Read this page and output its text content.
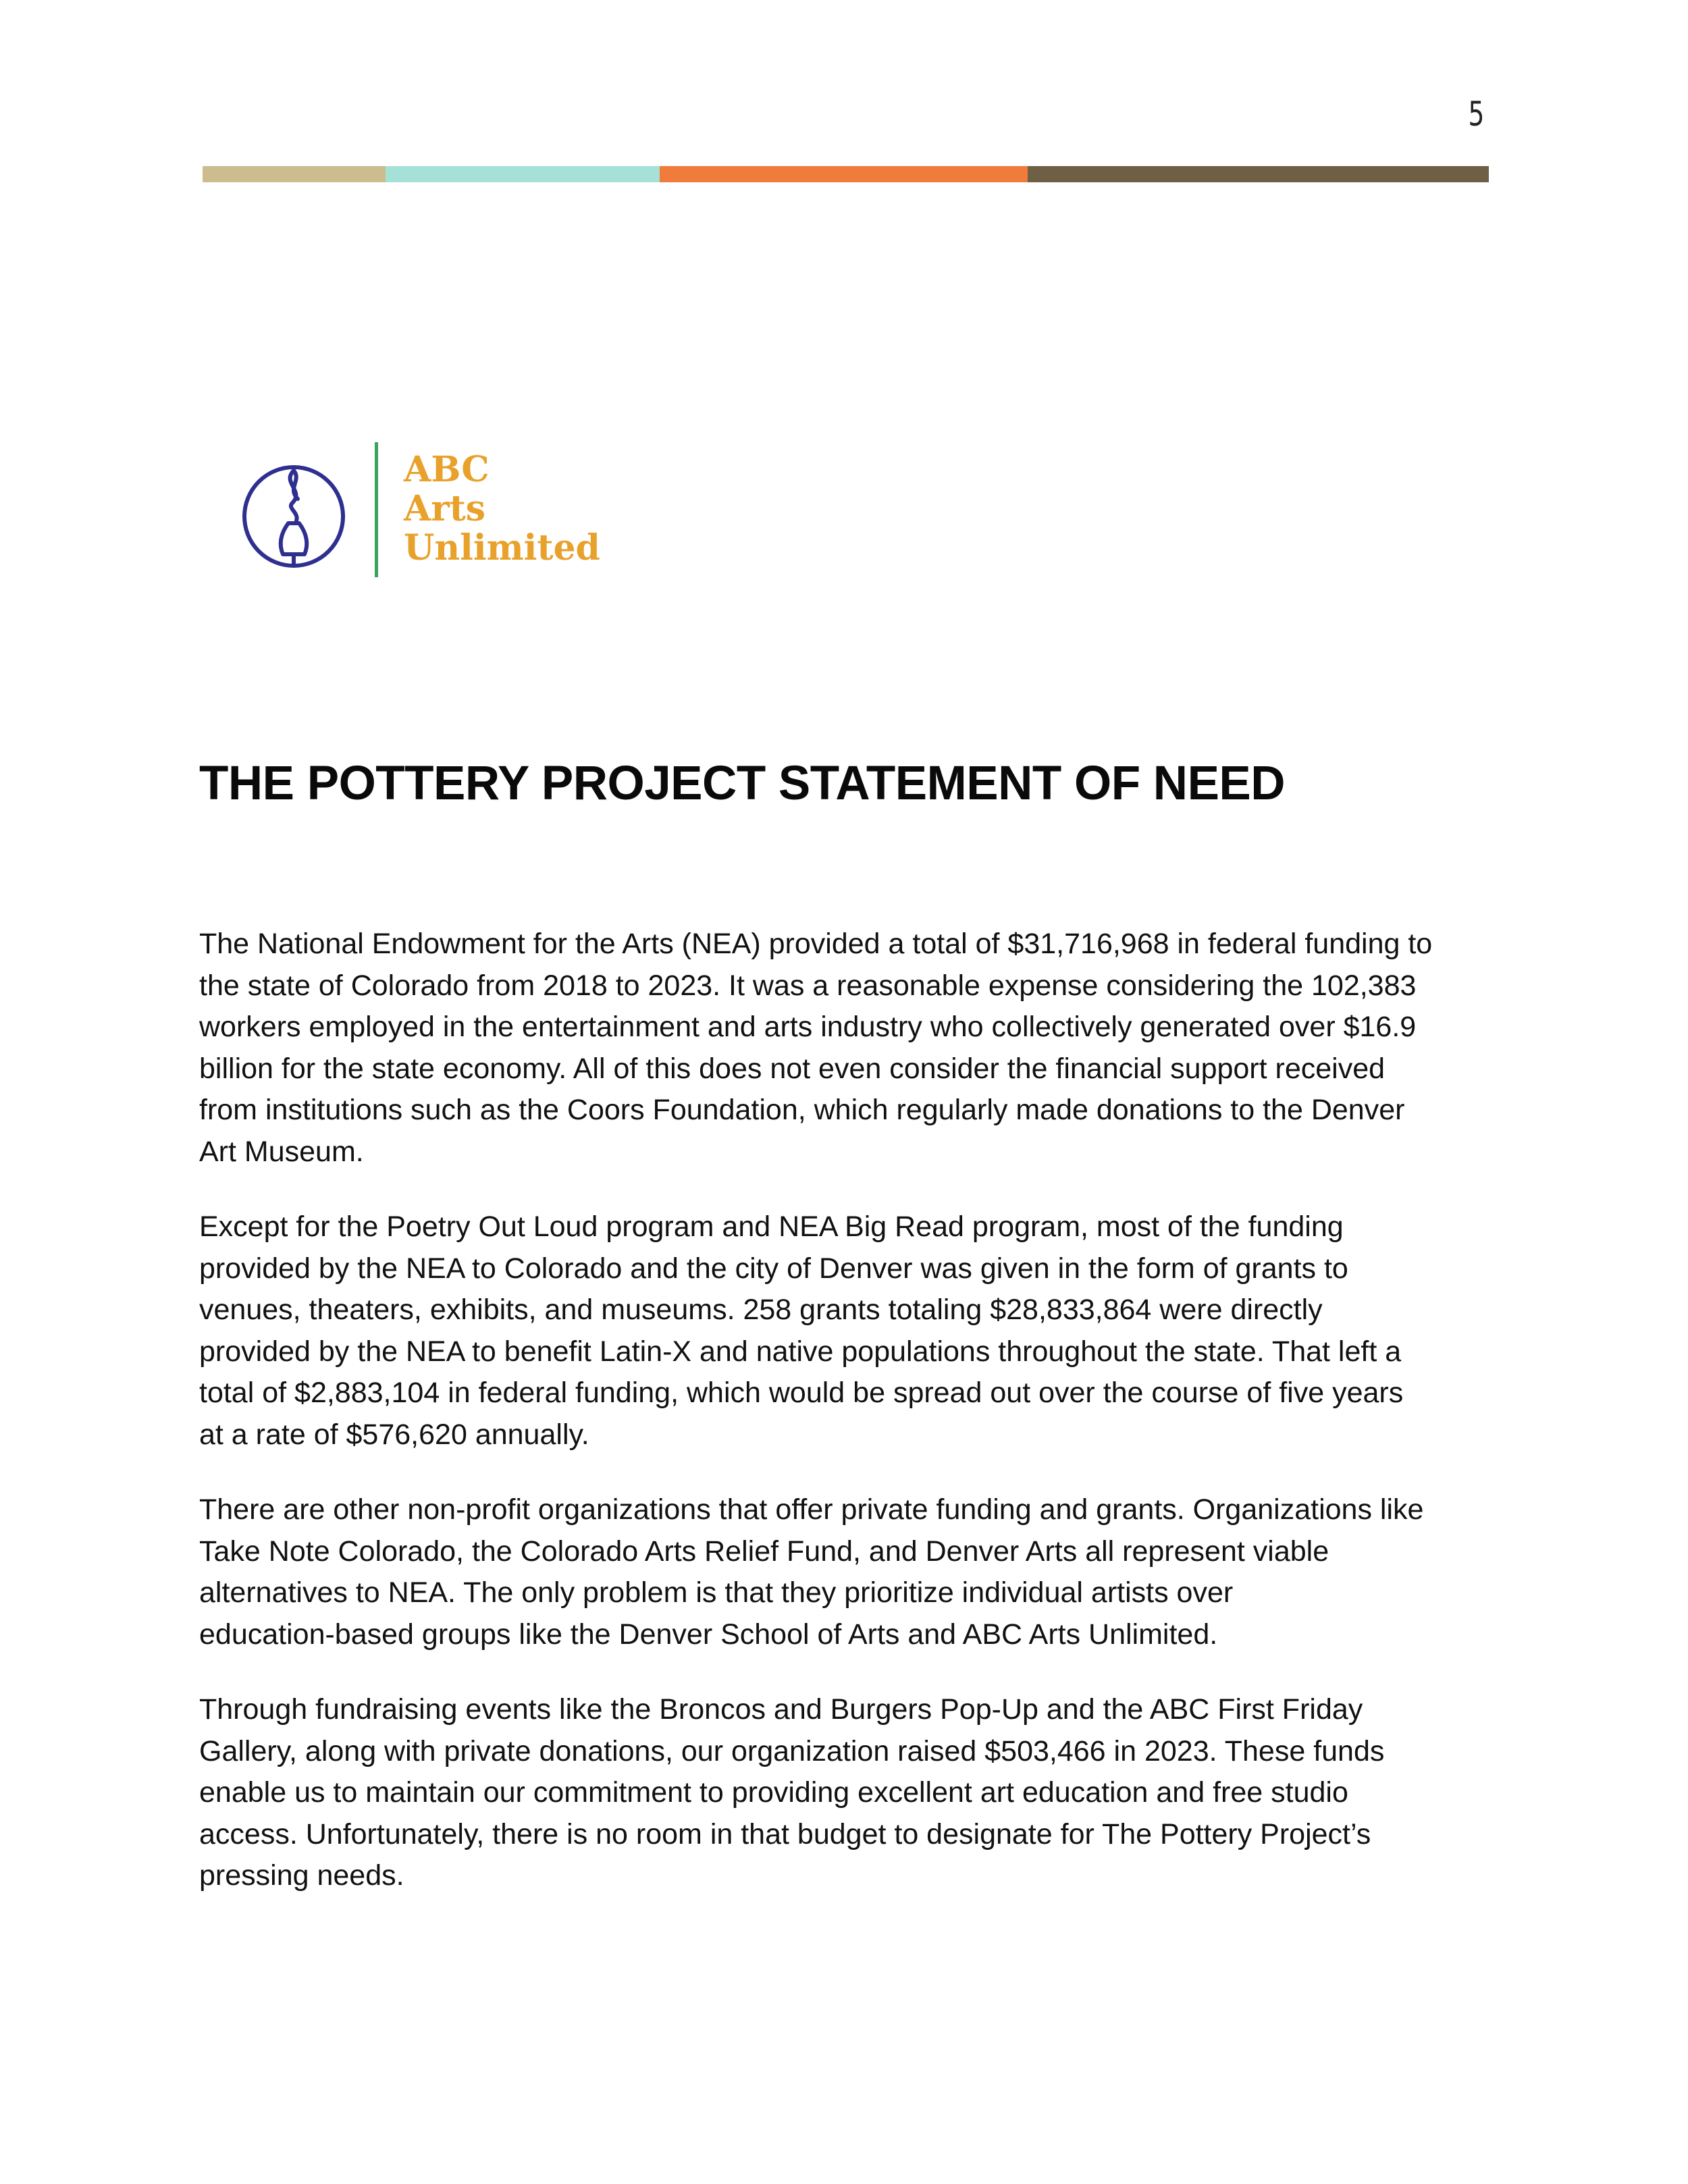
5
ABC
Arts
Unlimited
THE POTTERY PROJECT STATEMENT OF NEED

The National Endowment for the Arts (NEA) provided a total of $31,716,968 in federal funding to
the state of Colorado from 2018 to 2023. It was a reasonable expense considering the 102,383
workers employed in the entertainment and arts industry who collectively generated over $16.9
billion for the state economy. All of this does not even consider the financial support received
from institutions such as the Coors Foundation, which regularly made donations to the Denver
Art Museum.

Except for the Poetry Out Loud program and NEA Big Read program, most of the funding
provided by the NEA to Colorado and the city of Denver was given in the form of grants to
venues, theaters, exhibits, and museums. 258 grants totaling $28,833,864 were directly
provided by the NEA to benefit Latin-X and native populations throughout the state. That left a
total of $2,883,104 in federal funding, which would be spread out over the course of five years
at a rate of $576,620 annually.

There are other non-profit organizations that offer private funding and grants. Organizations like
Take Note Colorado, the Colorado Arts Relief Fund, and Denver Arts all represent viable
alternatives to NEA. The only problem is that they prioritize individual artists over
education-based groups like the Denver School of Arts and ABC Arts Unlimited.

Through fundraising events like the Broncos and Burgers Pop-Up and the ABC First Friday
Gallery, along with private donations, our organization raised $503,466 in 2023. These funds
enable us to maintain our commitment to providing excellent art education and free studio
access. Unfortunately, there is no room in that budget to designate for The Pottery Project’s
pressing needs.
